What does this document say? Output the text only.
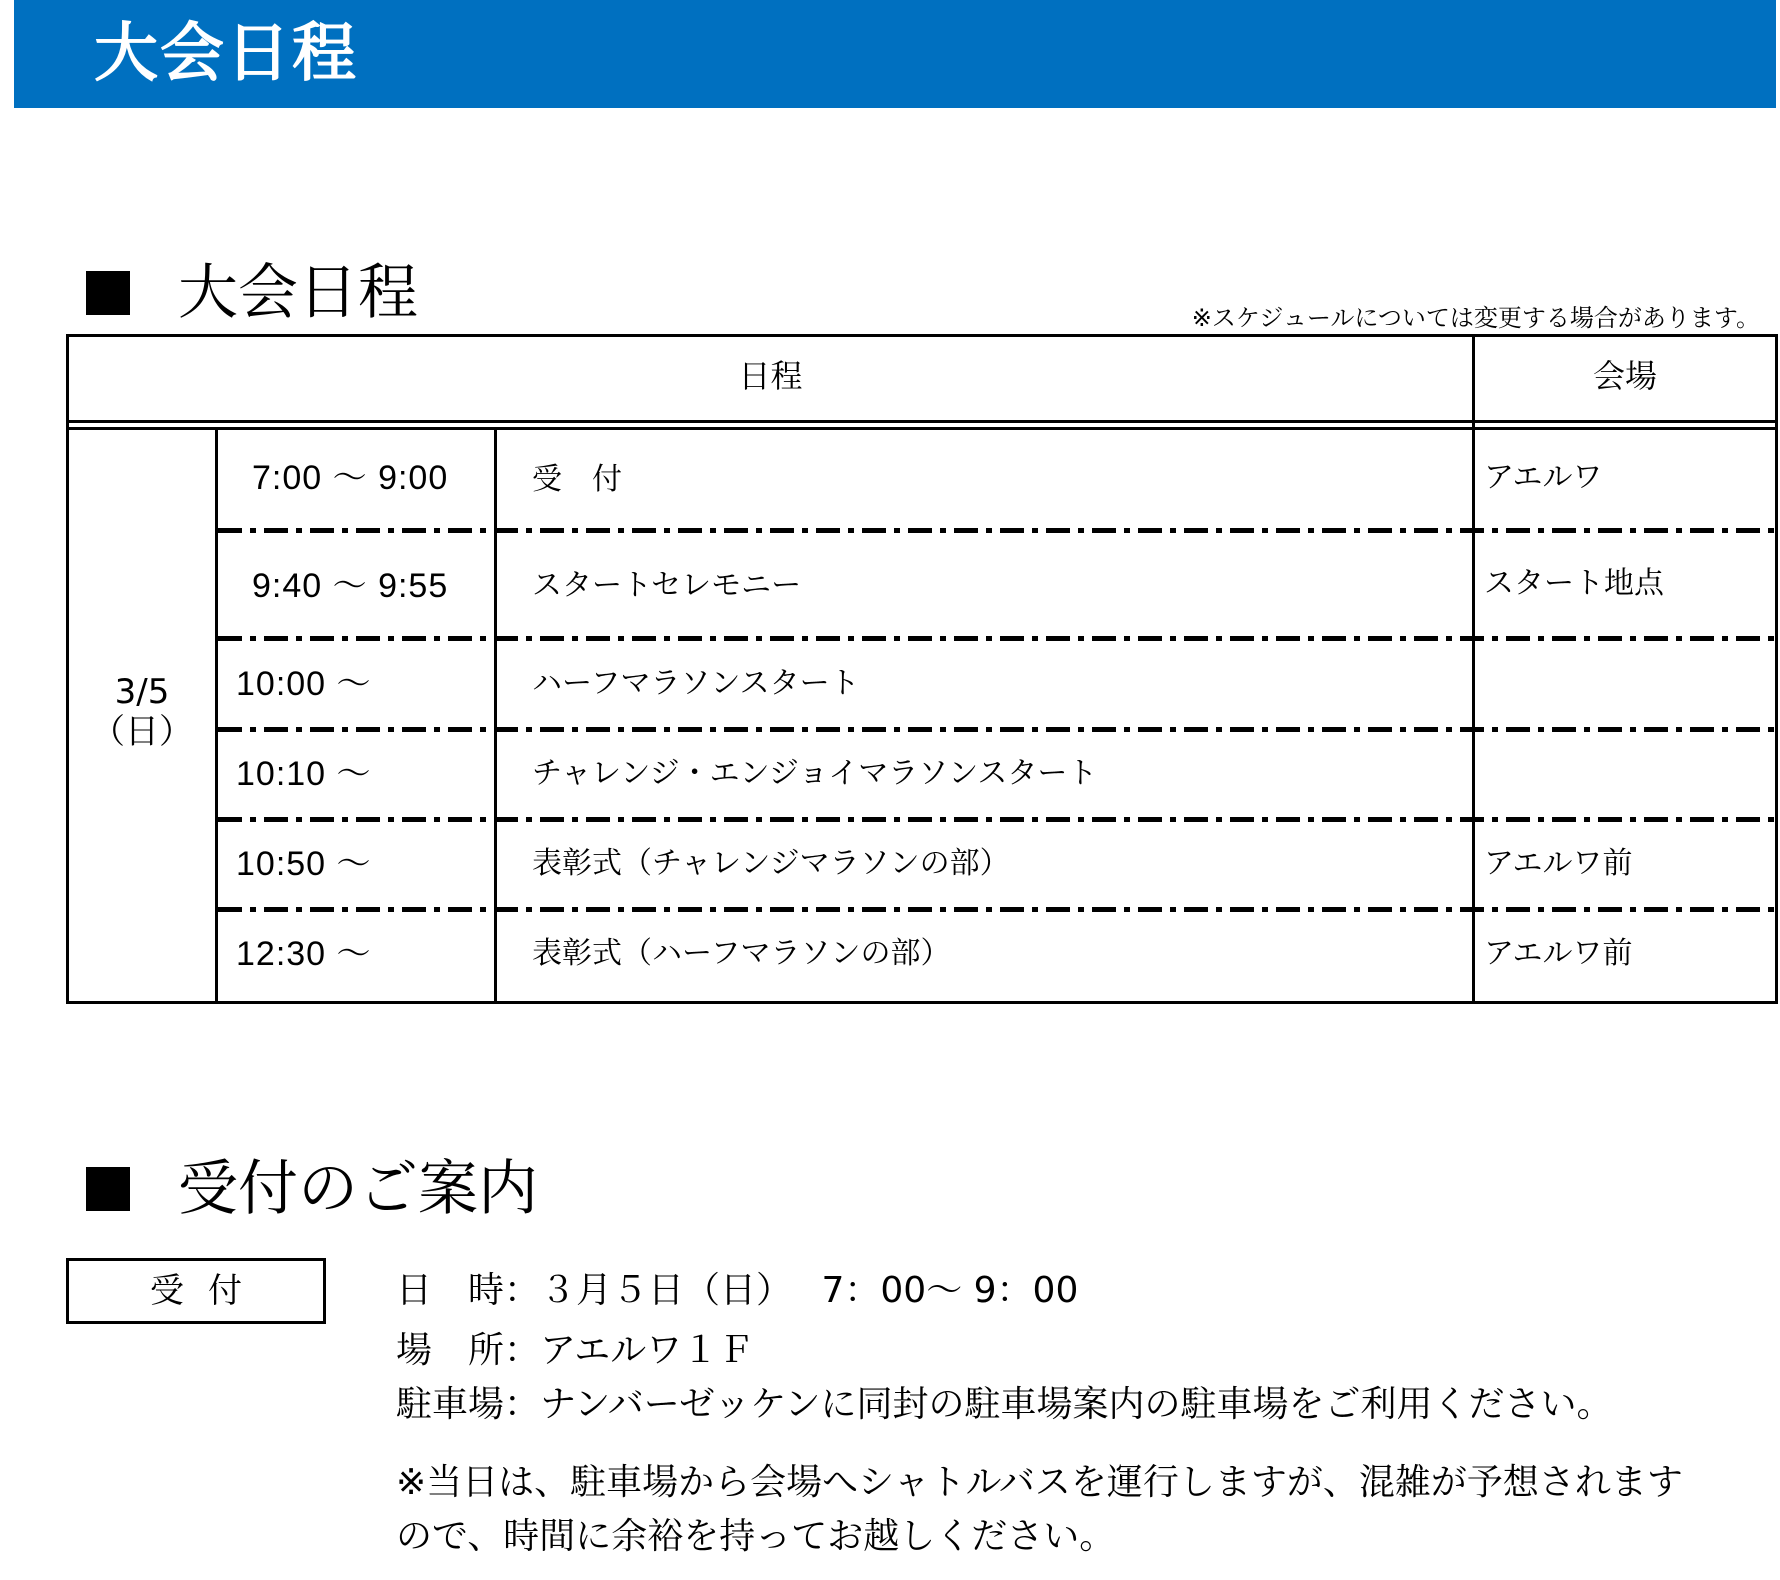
大会日程
大会日程	※スケジュールについては変更する場合があります。
日程	会場
3/5
（日）
7:00 ～ 9:00	受　付	アエルワ
9:40 ～ 9:55	スタートセレモニー	スタート地点
10:00 ～	ハーフマラソンスタート
10:10 ～	チャレンジ・エンジョイマラソンスタート
10:50 ～	表彰式（チャレンジマラソンの部）	アエルワ前
12:30 ～	表彰式（ハーフマラソンの部）	アエルワ前
受付のご案内
受付	日　時：３月５日（日）　 7：00～ 9：00
場　所：アエルワ１Ｆ
駐車場：ナンバーゼッケンに同封の駐車場案内の駐車場をご利用ください。
※当日は、駐車場から会場へシャトルバスを運行しますが、混雑が予想されますので、時間に余裕を持ってお越しください。
